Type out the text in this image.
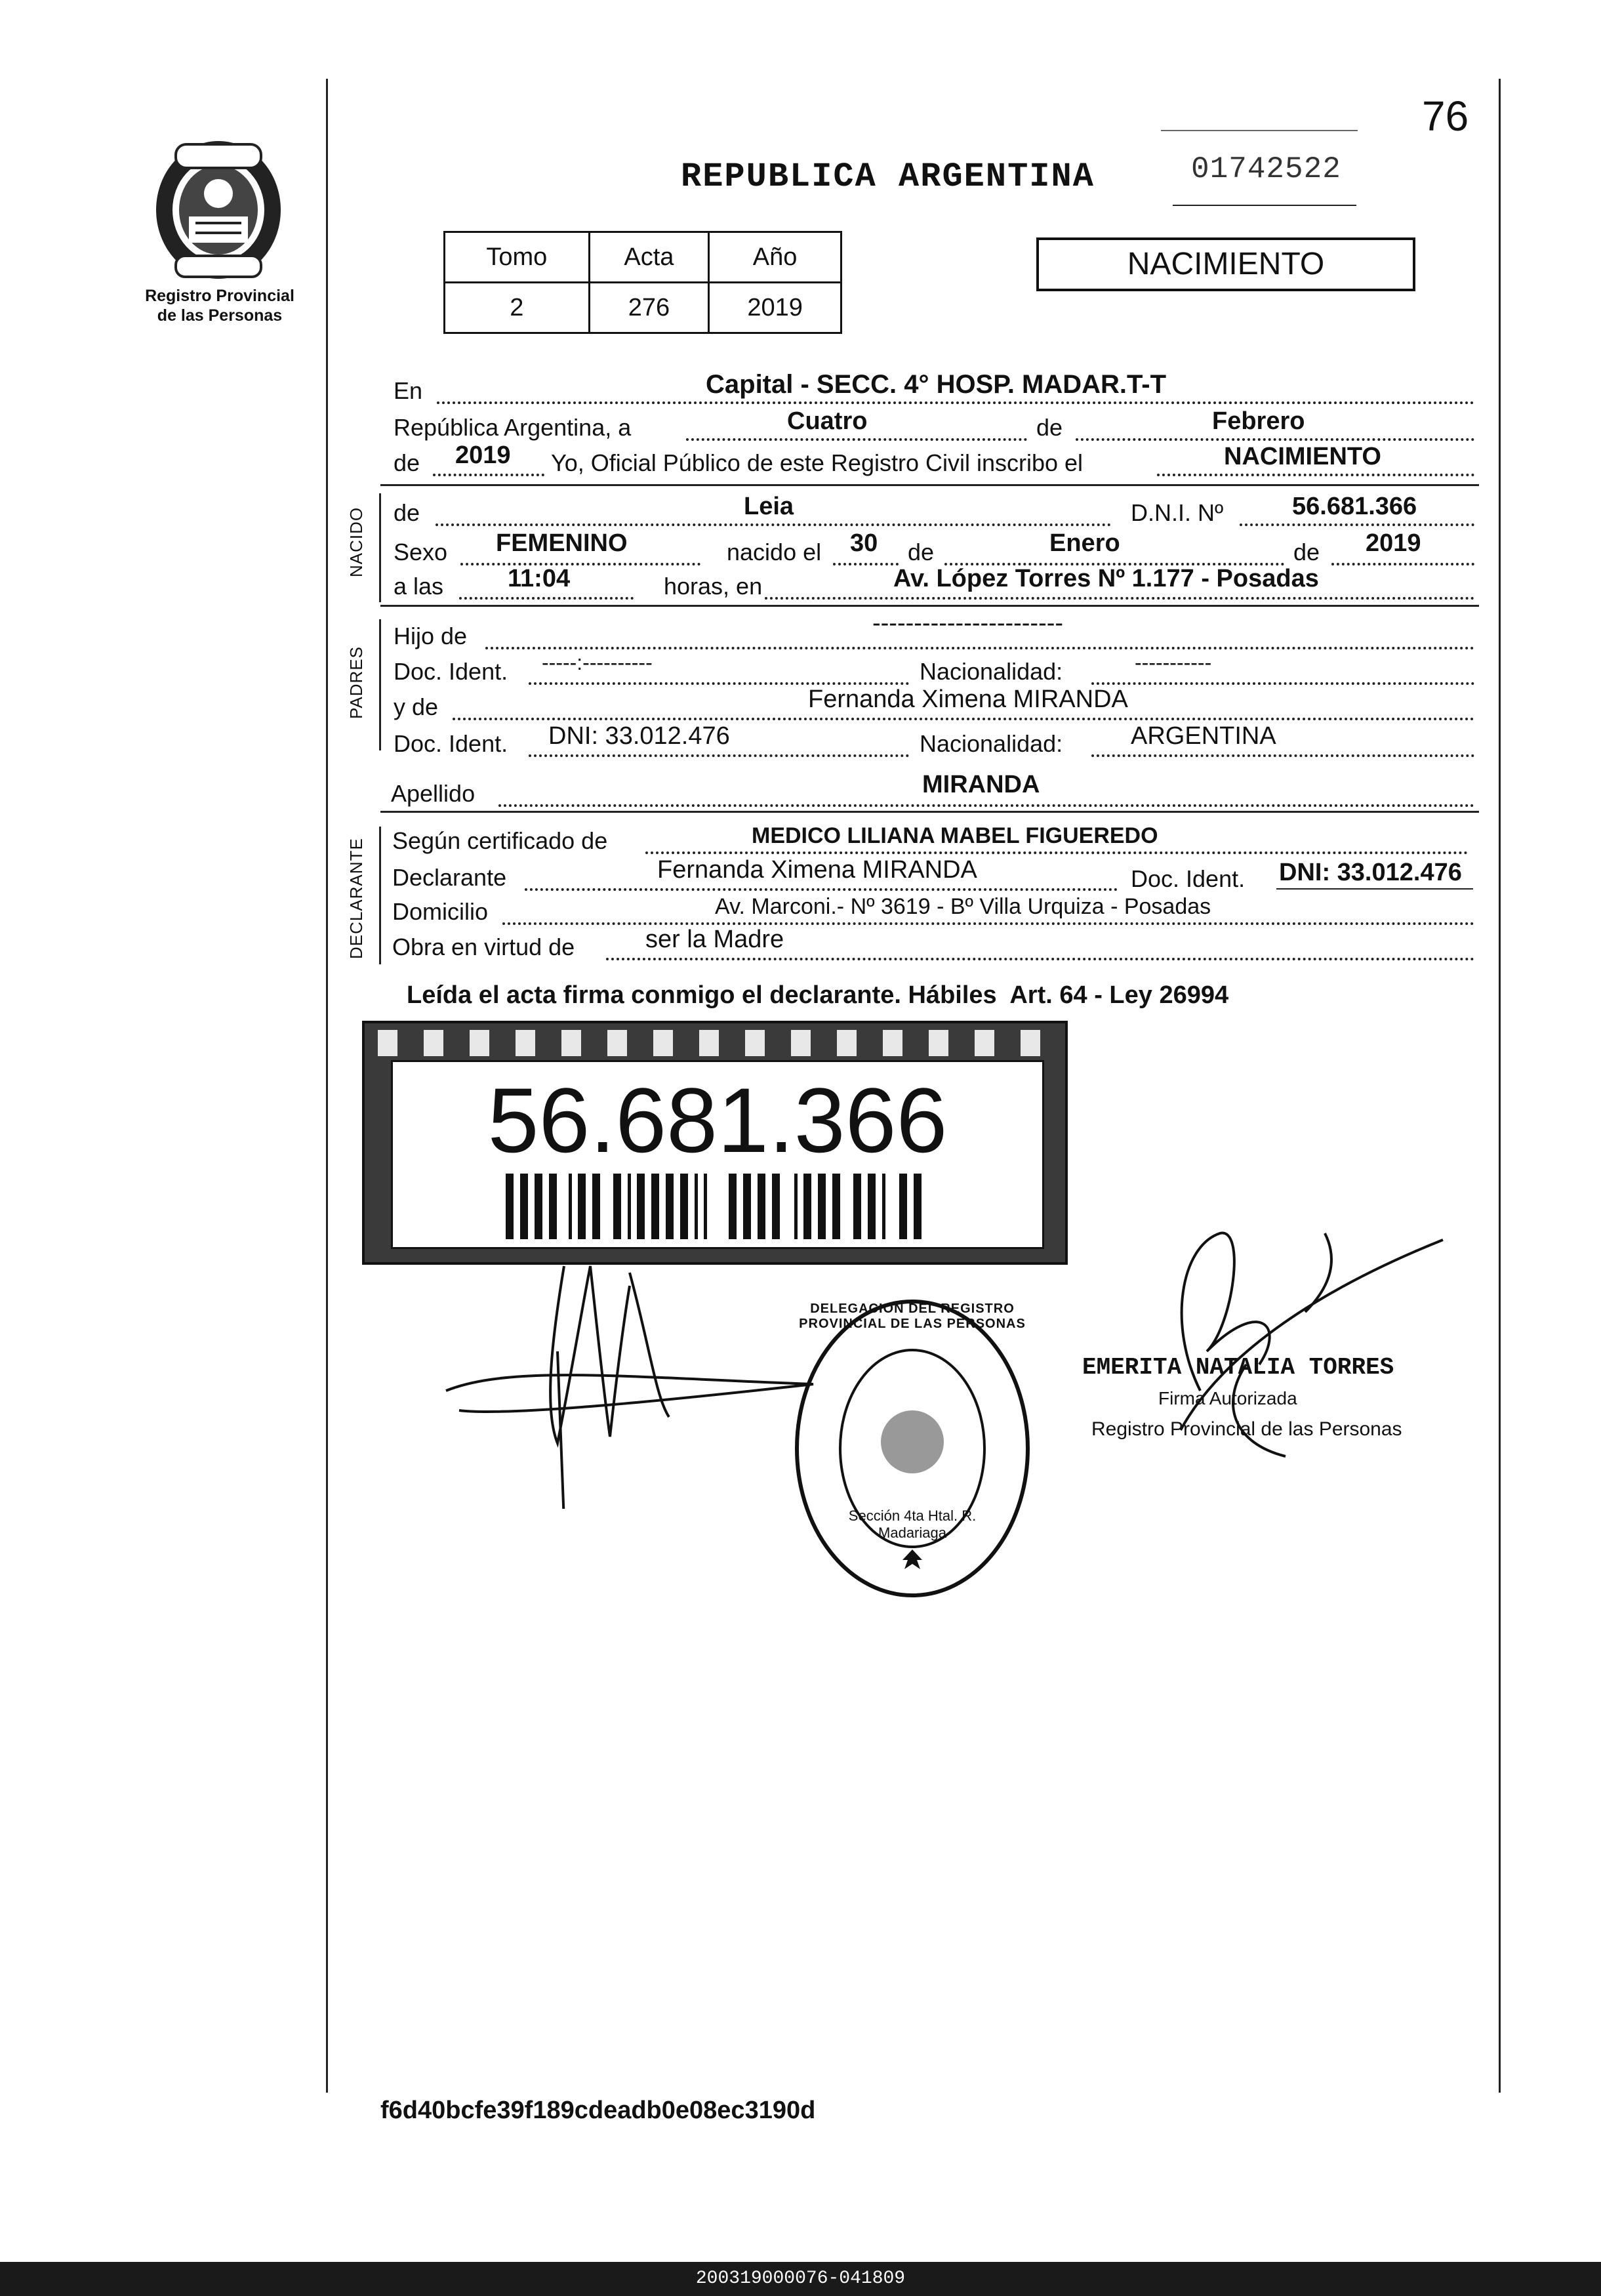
76
Registro Provincial
de las Personas
REPUBLICA ARGENTINA	01742522
Tomo	Acta	Año
2	276	2019
NACIMIENTO
En	Capital - SECC. 4° HOSP. MADAR.T-T
República Argentina, a	Cuatro	de	Febrero
de 2019 Yo, Oficial Público de este Registro Civil inscribo el	NACIMIENTO
NACIDO de	Leia	D.N.I. Nº	56.681.366
Sexo FEMENINO	nacido el 30 de	Enero	de 2019
a las	11:04	horas, en	Av. López Torres Nº 1.177 - Posadas
PADRES
Hijo de	-----------------------
Doc. Ident. -----:----------	Nacionalidad:	-----------
y de	Fernanda Ximena MIRANDA
Doc. Ident. DNI: 33.012.476	Nacionalidad:	ARGENTINA
Apellido	MIRANDA
DECLARANTE Según certificado de	MEDICO LILIANA MABEL FIGUEREDO
Declarante	Fernanda Ximena MIRANDA	Doc. Ident. DNI: 33.012.476
Domicilio	Av. Marconi.- Nº 3619 - Bº Villa Urquiza - Posadas
Obra en virtud de	ser la Madre
Leída el acta firma conmigo el declarante. Hábiles  Art. 64 - Ley 26994
56.681.366
DELEGACION DEL REGISTRO PROVINCIAL DE LAS PERSONAS
Sección 4ta Htal. R. Madariaga
EMERITA NATALIA TORRES
Firma Autorizada
Registro Provincial de las Personas
f6d40bcfe39f189cdeadb0e08ec3190d
200319000076-041809
